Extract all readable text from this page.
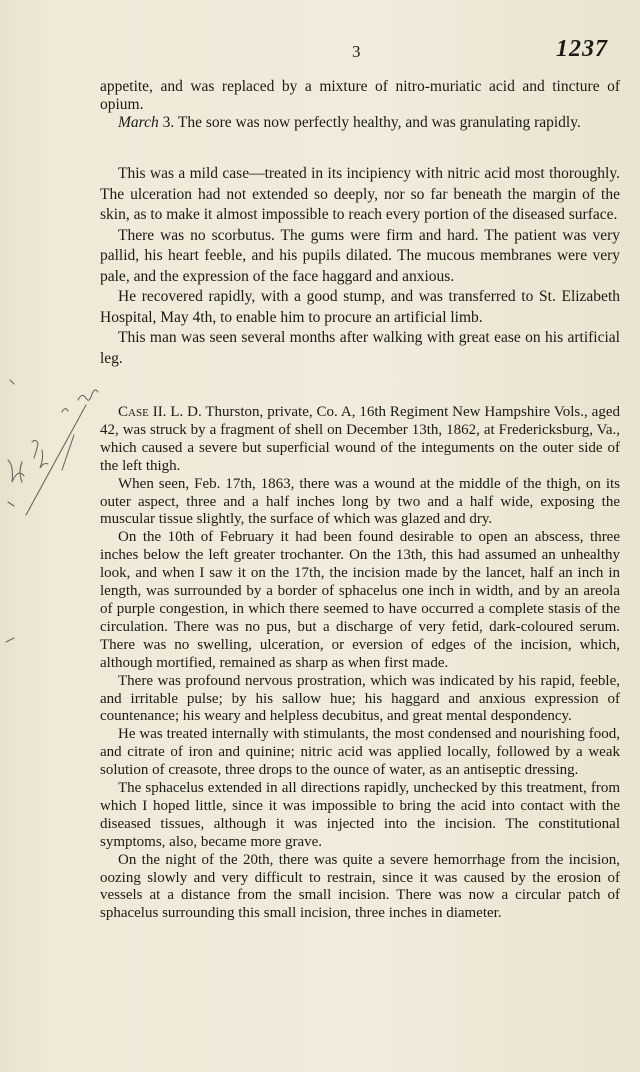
3	1237

appetite, and was replaced by a mixture of nitro-muriatic acid and tincture of opium.

March 3. The sore was now perfectly healthy, and was granulating rapidly.

This was a mild case—treated in its incipiency with nitric acid most thoroughly. The ulceration had not extended so deeply, nor so far beneath the margin of the skin, as to make it almost impossible to reach every portion of the diseased surface.

There was no scorbutus. The gums were firm and hard. The patient was very pallid, his heart feeble, and his pupils dilated. The mucous membranes were very pale, and the expression of the face haggard and anxious.

He recovered rapidly, with a good stump, and was transferred to St. Elizabeth Hospital, May 4th, to enable him to procure an artificial limb.

This man was seen several months after walking with great ease on his artificial leg.

Case II. L. D. Thurston, private, Co. A, 16th Regiment New Hampshire Vols., aged 42, was struck by a fragment of shell on December 13th, 1862, at Fredericksburg, Va., which caused a severe but superficial wound of the integuments on the outer side of the left thigh.

When seen, Feb. 17th, 1863, there was a wound at the middle of the thigh, on its outer aspect, three and a half inches long by two and a half wide, exposing the muscular tissue slightly, the surface of which was glazed and dry.

On the 10th of February it had been found desirable to open an abscess, three inches below the left greater trochanter. On the 13th, this had assumed an unhealthy look, and when I saw it on the 17th, the incision made by the lancet, half an inch in length, was surrounded by a border of sphacelus one inch in width, and by an areola of purple congestion, in which there seemed to have occurred a complete stasis of the circulation. There was no pus, but a discharge of very fetid, dark-coloured serum. There was no swelling, ulceration, or eversion of edges of the incision, which, although mortified, remained as sharp as when first made.

There was profound nervous prostration, which was indicated by his rapid, feeble, and irritable pulse; by his sallow hue; his haggard and anxious expression of countenance; his weary and helpless decubitus, and great mental despondency.

He was treated internally with stimulants, the most condensed and nourishing food, and citrate of iron and quinine; nitric acid was applied locally, followed by a weak solution of creasote, three drops to the ounce of water, as an antiseptic dressing.

The sphacelus extended in all directions rapidly, unchecked by this treatment, from which I hoped little, since it was impossible to bring the acid into contact with the diseased tissues, although it was injected into the incision. The constitutional symptoms, also, became more grave.

On the night of the 20th, there was quite a severe hemorrhage from the incision, oozing slowly and very difficult to restrain, since it was caused by the erosion of vessels at a distance from the small incision. There was now a circular patch of sphacelus surrounding this small incision, three inches in diameter.
